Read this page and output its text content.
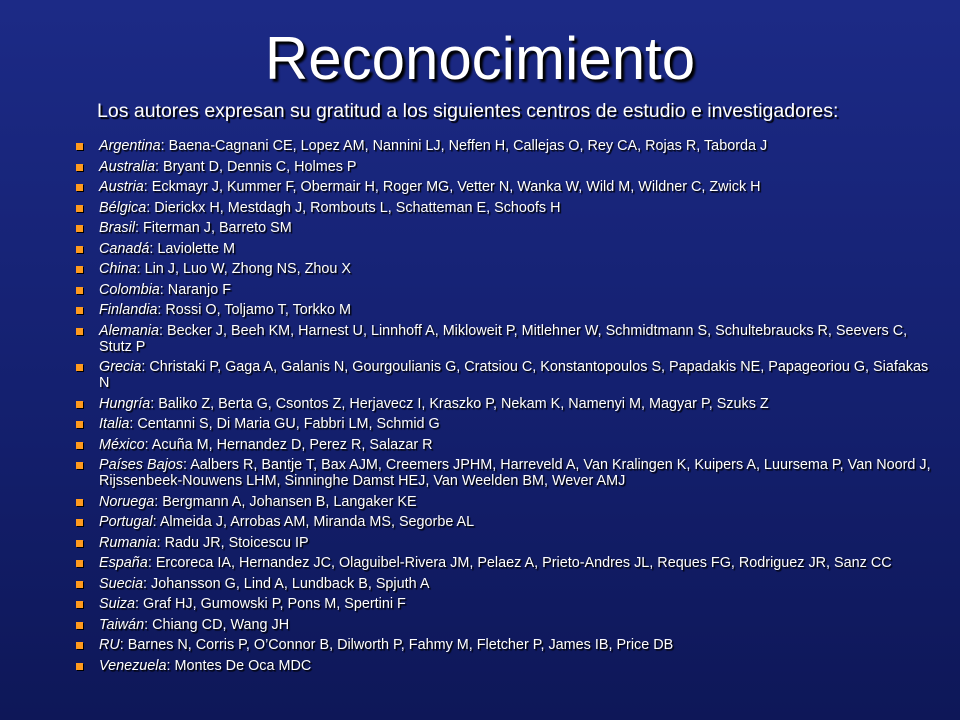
Reconocimiento
Los autores expresan su gratitud a los siguientes centros de estudio e investigadores:
Argentina: Baena-Cagnani CE, Lopez AM, Nannini LJ, Neffen H, Callejas O, Rey CA, Rojas R, Taborda J
Australia: Bryant D, Dennis C, Holmes P
Austria: Eckmayr J, Kummer F, Obermair H, Roger MG, Vetter N, Wanka W, Wild M, Wildner C, Zwick H
Bélgica: Dierickx H, Mestdagh J, Rombouts L, Schatteman E, Schoofs H
Brasil: Fiterman J, Barreto SM
Canadá: Laviolette M
China: Lin J, Luo W, Zhong NS, Zhou X
Colombia: Naranjo F
Finlandia: Rossi O, Toljamo T, Torkko M
Alemania: Becker J, Beeh KM, Harnest U, Linnhoff A, Mikloweit P, Mitlehner W, Schmidtmann S, Schultebraucks R, Seevers C, Stutz P
Grecia: Christaki P, Gaga A, Galanis N, Gourgoulianis G, Cratsiou C, Konstantopoulos S, Papadakis NE, Papageoriou G, Siafakas N
Hungría: Baliko Z, Berta G, Csontos Z, Herjavecz I, Kraszko P, Nekam K, Namenyi M, Magyar P, Szuks Z
Italia: Centanni S, Di Maria GU, Fabbri LM, Schmid G
México: Acuña M, Hernandez D, Perez R, Salazar R
Países Bajos: Aalbers R, Bantje T, Bax AJM, Creemers JPHM, Harreveld A, Van Kralingen K, Kuipers A, Luursema P, Van Noord J, Rijssenbeek-Nouwens LHM, Sinninghe Damst HEJ, Van Weelden BM, Wever AMJ
Noruega: Bergmann A, Johansen B, Langaker KE
Portugal: Almeida J, Arrobas AM, Miranda MS, Segorbe AL
Rumania: Radu JR, Stoicescu IP
España: Ercoreca IA, Hernandez JC, Olaguibel-Rivera JM, Pelaez A, Prieto-Andres JL, Reques FG, Rodriguez JR, Sanz CC
Suecia: Johansson G, Lind A, Lundback B, Spjuth A
Suiza: Graf HJ, Gumowski P, Pons M, Spertini F
Taiwán: Chiang CD, Wang JH
RU: Barnes N, Corris P, O’Connor B, Dilworth P, Fahmy M, Fletcher P, James IB, Price DB
Venezuela: Montes De Oca MDC
